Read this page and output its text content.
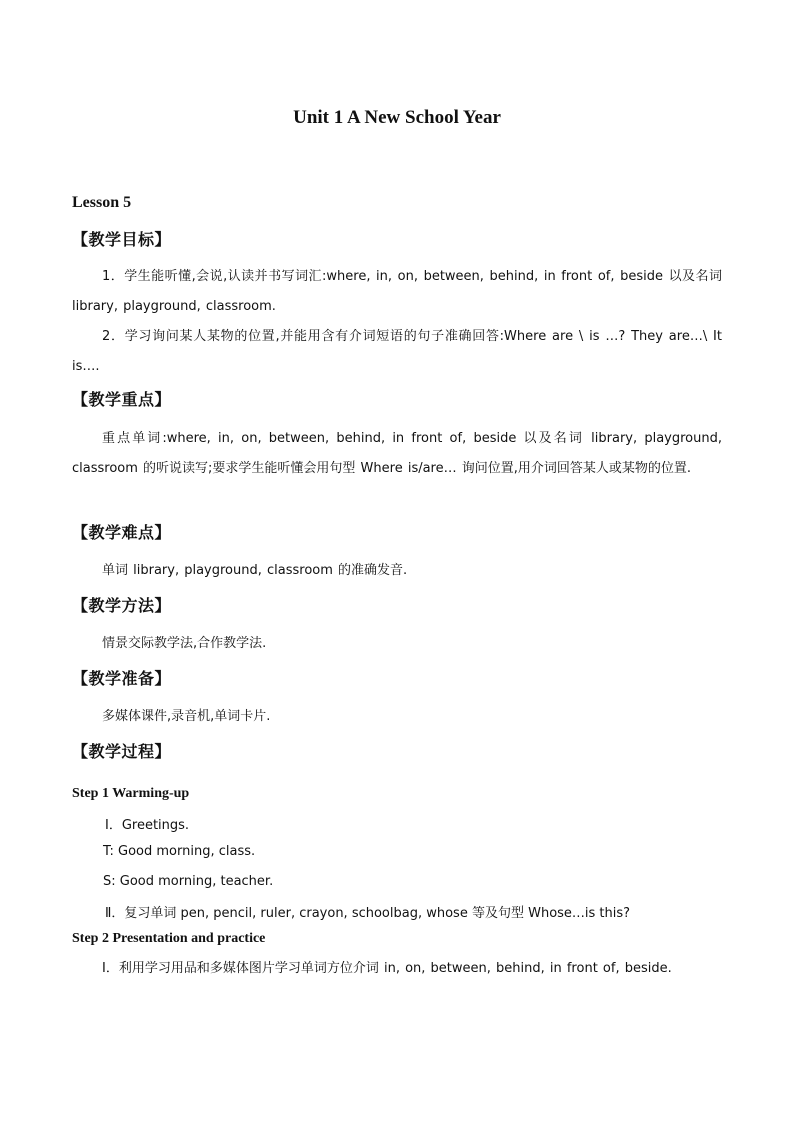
Unit 1 A New School Year
Lesson 5
【教学目标】
1．学生能听懂,会说,认读并书写词汇:where, in, on, between, behind, in front of, beside 以及名词 library, playground, classroom.
2．学习询问某人某物的位置,并能用含有介词短语的句子准确回答:Where are \ is …? They are…\ It is….
【教学重点】
重点单词:where, in, on, between, behind, in front of, beside 以及名词 library, playground, classroom 的听说读写;要求学生能听懂会用句型 Where is/are… 询问位置,用介词回答某人或某物的位置.
【教学难点】
单词 library, playground, classroom 的准确发音.
【教学方法】
情景交际教学法,合作教学法.
【教学准备】
多媒体课件,录音机,单词卡片.
【教学过程】
Step 1 Warming-up
Ⅰ．Greetings.
T: Good morning, class.
S: Good morning, teacher.
Ⅱ．复习单词 pen, pencil, ruler, crayon, schoolbag, whose 等及句型 Whose…is this?
Step 2 Presentation and practice
Ⅰ．利用学习用品和多媒体图片学习单词方位介词 in, on, between, behind, in front of, beside.
